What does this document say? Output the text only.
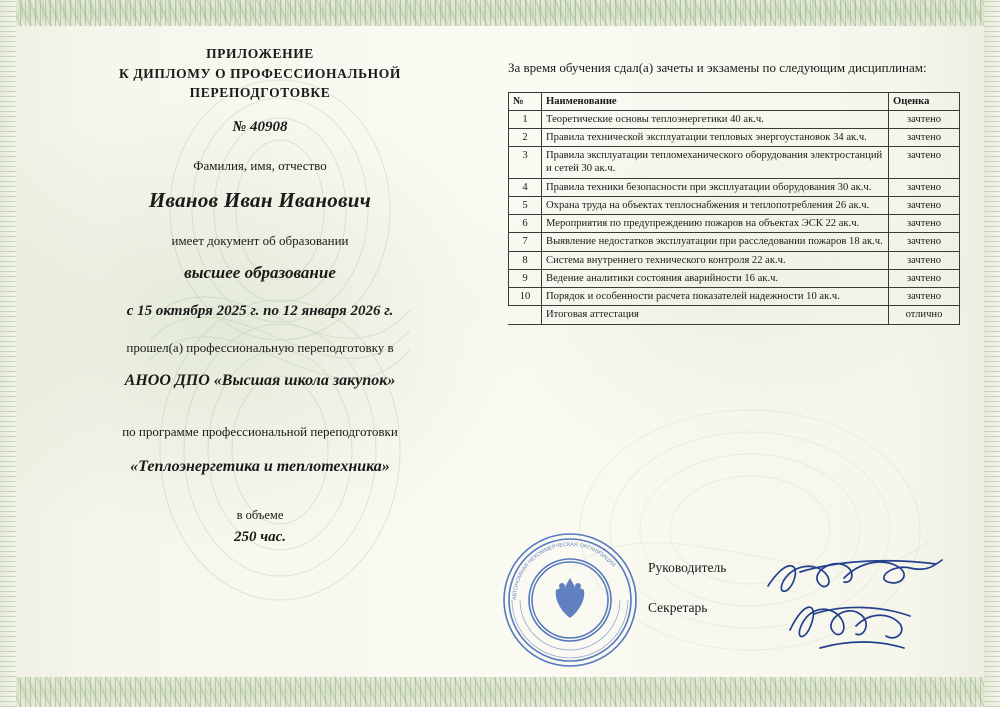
ПРИЛОЖЕНИЕ
К ДИПЛОМУ О ПРОФЕССИОНАЛЬНОЙ ПЕРЕПОДГОТОВКЕ
№ 40908
Фамилия, имя, отчество
Иванов Иван Иванович
имеет документ об образовании
высшее образование
с 15 октября 2025 г. по 12 января 2026 г.
прошел(а) профессиональную переподготовку в
АНОО ДПО «Высшая школа закупок»
по программе профессиональной переподготовки
«Теплоэнергетика и теплотехника»
в объеме
250 час.
За время обучения сдал(а) зачеты и экзамены по следующим дисциплинам:
№	Наименование	Оценка
1	Теоретические основы теплоэнергетики 40 ак.ч.	зачтено
2	Правила технической эксплуатации тепловых энергоустановок 34 ак.ч.	зачтено
3	Правила эксплуатации тепломеханического оборудования электростанций и сетей 30 ак.ч.	зачтено
4	Правила техники безопасности при эксплуатации оборудования 30 ак.ч.	зачтено
5	Охрана труда на объектах теплоснабжения и теплопотребления 26 ак.ч.	зачтено
6	Мероприятия по предупреждению пожаров на объектах ЭСК 22 ак.ч.	зачтено
7	Выявление недостатков эксплуатации при расследовании пожаров 18 ак.ч.	зачтено
8	Система внутреннего технического контроля 22 ак.ч.	зачтено
9	Ведение аналитики состояния аварийности 16 ак.ч.	зачтено
10	Порядок и особенности расчета показателей надежности 10 ак.ч.	зачтено
	Итоговая аттестация	отлично
АВТОНОМНАЯ НЕКОММЕРЧЕСКАЯ ОРГАНИЗАЦИЯ Руководитель
Секретарь
